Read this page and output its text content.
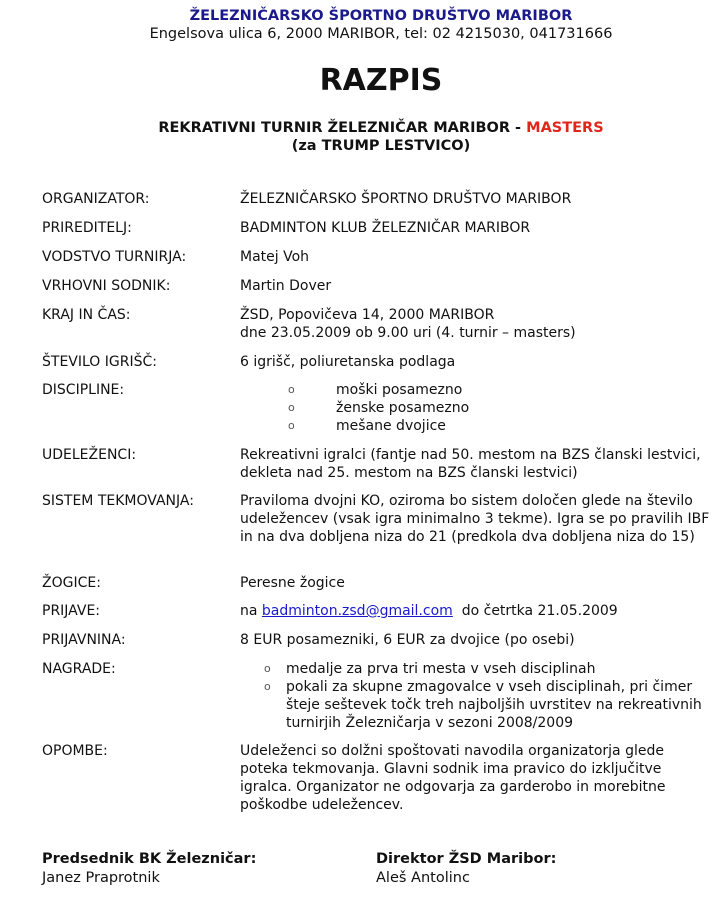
ŽELEZNIČARSKO ŠPORTNO DRUŠTVO MARIBOR
Engelsova ulica 6, 2000 MARIBOR, tel: 02 4215030, 041731666
RAZPIS
REKRATIVNI TURNIR ŽELEZNIČAR MARIBOR - MASTERS
(za TRUMP LESTVICO)
ORGANIZATOR:	ŽELEZNIČARSKO ŠPORTNO DRUŠTVO MARIBOR
PRIREDITELJ:	BADMINTON KLUB ŽELEZNIČAR MARIBOR
VODSTVO TURNIRJA:	Matej Voh
VRHOVNI SODNIK:	Martin Dover
KRAJ IN ČAS:	ŽSD, Popovičeva 14, 2000 MARIBOR

dne 23.05.2009 ob 9.00 uri (4. turnir – masters)

ŠTEVILO IGRIŠČ:	6 igrišč, poliuretanska podlaga
DISCIPLINE:	o	moški posamezno
o	ženske posamezno
o	mešane dvojice
UDELEŽENCI:	Rekreativni igralci (fantje nad 50. mestom na BZS članski lestvici, dekleta nad 25. mestom na BZS članski lestvici)
SISTEM TEKMOVANJA:	Praviloma dvojni KO, oziroma bo sistem določen glede na število udeležencev (vsak igra minimalno 3 tekme). Igra se po pravilih IBF in na dva dobljena niza do 21 (predkola dva dobljena niza do 15)
ŽOGICE:	Peresne žogice
PRIJAVE:	na badminton.zsd@gmail.com  do četrtka 21.05.2009
PRIJAVNINA:	8 EUR posamezniki, 6 EUR za dvojice (po osebi)
NAGRADE:	o medalje za prva tri mesta v vseh disciplinah
o pokali za skupne zmagovalce v vseh disciplinah, pri čimer šteje seštevek točk treh najboljših uvrstitev na rekreativnih turnirjih Železničarja v sezoni 2008/2009
OPOMBE:	Udeleženci so dolžni spoštovati navodila organizatorja glede poteka tekmovanja. Glavni sodnik ima pravico do izključitve igralca. Organizator ne odgovarja za garderobo in morebitne poškodbe udeležencev.
Predsednik BK Železničar:
Janez Praprotnik
Direktor ŽSD Maribor:
Aleš Antolinc
